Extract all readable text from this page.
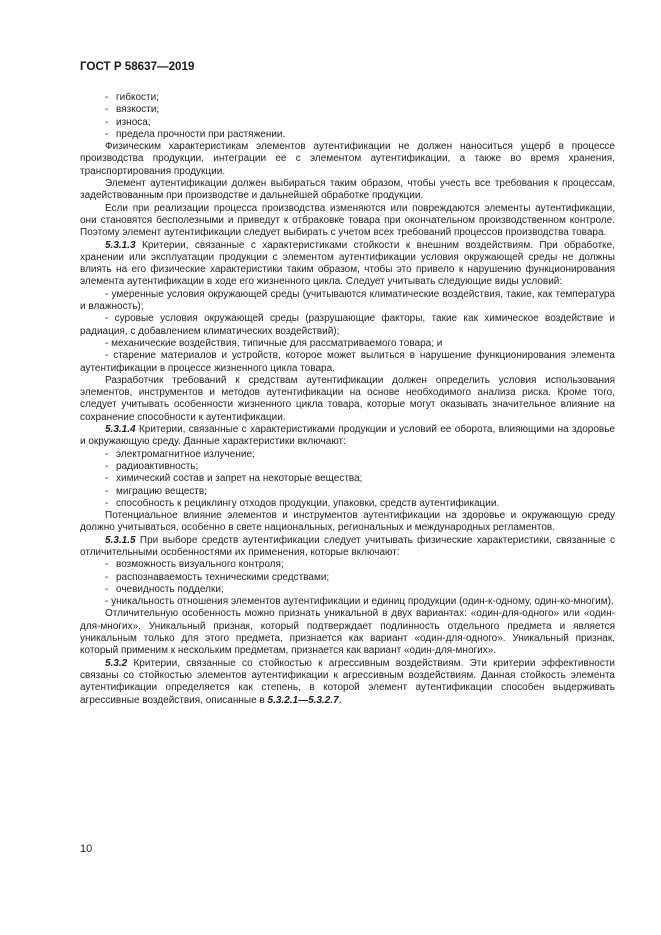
ГОСТ Р 58637—2019

- гибкости;

- вязкости;

- износа;

- предела прочности при растяжении.

Физическим характеристикам элементов аутентификации не должен наноситься ущерб в процессе производства продукции, интеграции ее с элементом аутентификации, а также во время хранения, транспортирования продукции.

Элемент аутентификации должен выбираться таким образом, чтобы учесть все требования к процессам, задействованным при производстве и дальнейшей обработке продукции.

Если при реализации процесса производства изменяются или повреждаются элементы аутентификации, они становятся бесполезными и приведут к отбраковке товара при окончательном производственном контроле. Поэтому элемент аутентификации следует выбирать с учетом всех требований процессов производства товара.

5.3.1.3 Критерии, связанные с характеристиками стойкости к внешним воздействиям. При обработке, хранении или эксплуатации продукции с элементом аутентификации условия окружающей среды не должны влиять на его физические характеристики таким образом, чтобы это привело к нарушению функционирования элемента аутентификации в ходе его жизненного цикла. Следует учитывать следующие виды условий:

- умеренные условия окружающей среды (учитываются климатические воздействия, такие, как температура и влажность);

- суровые условия окружающей среды (разрушающие факторы, такие как химическое воздействие и радиация, с добавлением климатических воздействий);

- механические воздействия, типичные для рассматриваемого товара; и

- старение материалов и устройств, которое может вылиться в нарушение функционирования элемента аутентификации в процессе жизненного цикла товара.

Разработчик требований к средствам аутентификации должен определить условия использования элементов, инструментов и методов аутентификации на основе необходимого анализа риска. Кроме того, следует учитывать особенности жизненного цикла товара, которые могут оказывать значительное влияние на сохранение способности к аутентификации.

5.3.1.4 Критерии, связанные с характеристиками продукции и условий ее оборота, влияющими на здоровье и окружающую среду. Данные характеристики включают:

- электромагнитное излучение;

- радиоактивность;

- химический состав и запрет на некоторые вещества;

- миграцию веществ;

- способность к рециклингу отходов продукции, упаковки, средств аутентификации.

Потенциальное влияние элементов и инструментов аутентификации на здоровье и окружающую среду должно учитываться, особенно в свете национальных, региональных и международных регламентов.

5.3.1.5 При выборе средств аутентификации следует учитывать физические характеристики, связанные с отличительными особенностями их применения, которые включают:

- возможность визуального контроля;

- распознаваемость техническими средствами;

- очевидность подделки;

- уникальность отношения элементов аутентификации и единиц продукции (один-к-одному, один-ко-многим).

Отличительную особенность можно признать уникальной в двух вариантах: «один-для-одного» или «один-для-многих». Уникальный признак, который подтверждает подлинность отдельного предмета и является уникальным только для этого предмета, признается как вариант «один-для-одного». Уникальный признак, который применим к нескольким предметам, признается как вариант «один-для-многих».

5.3.2 Критерии, связанные со стойкостью к агрессивным воздействиям. Эти критерии эффективности связаны со стойкостью элементов аутентификации к агрессивным воздействиям. Данная стойкость элемента аутентификации определяется как степень, в которой элемент аутентификации способен выдерживать агрессивные воздействия, описанные в 5.3.2.1—5.3.2.7.

10
